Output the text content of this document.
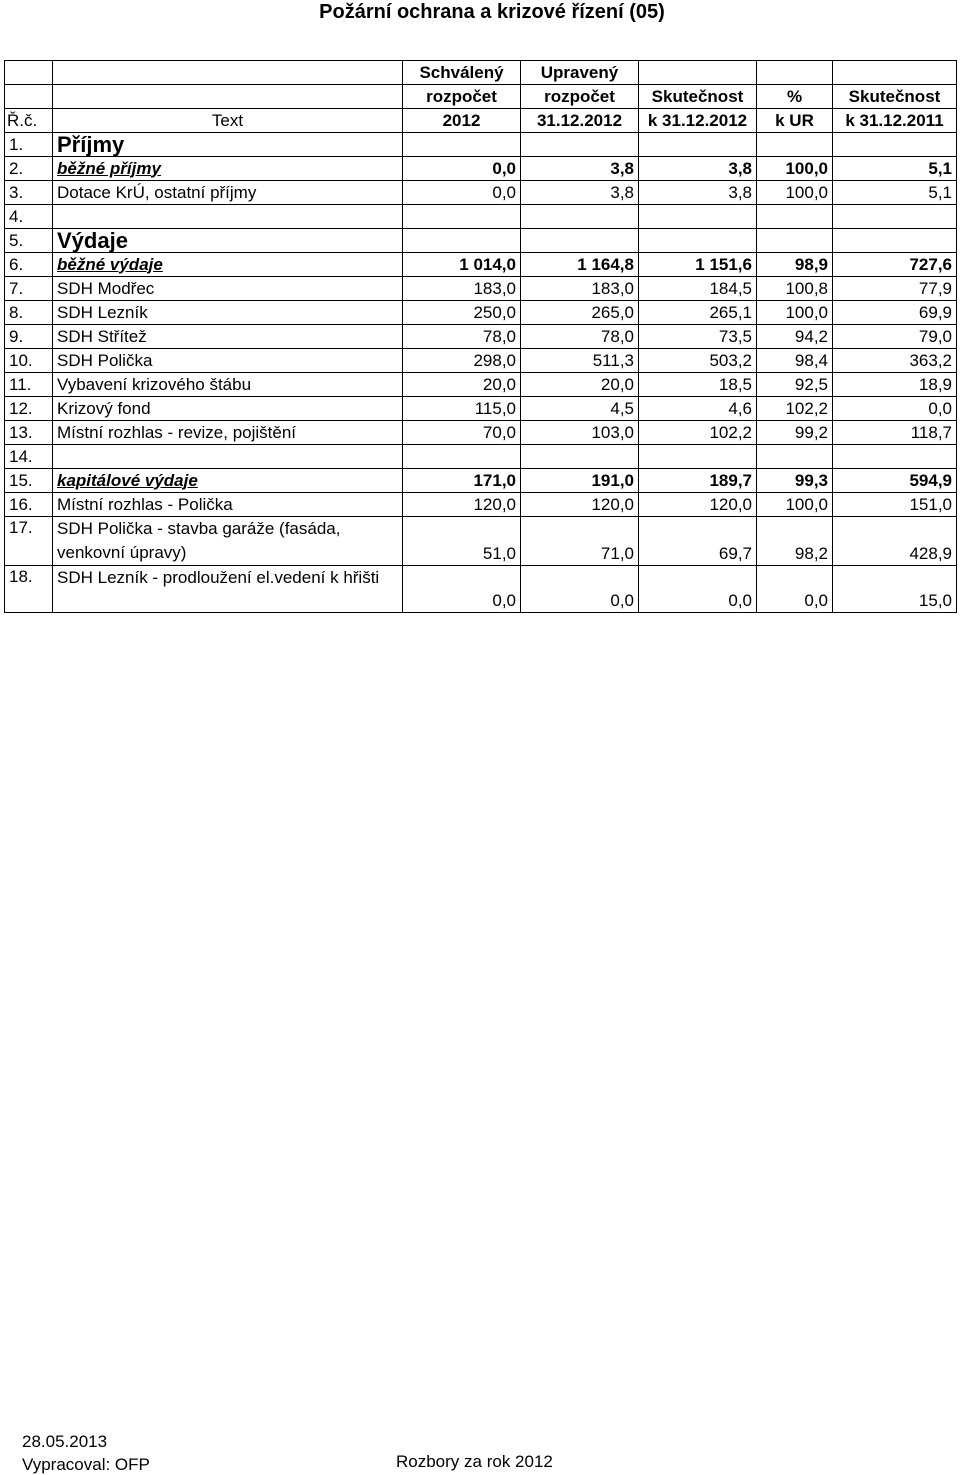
Požární ochrana a krizové řízení (05)
		Schválený	Upravený			
		rozpočet	rozpočet	Skutečnost	%	Skutečnost
Ř.č.	Text	2012	31.12.2012	k 31.12.2012	k UR	k 31.12.2011
1.	Příjmy					
2.	běžné příjmy	0,0	3,8	3,8	100,0	5,1
3.	Dotace KrÚ, ostatní příjmy	0,0	3,8	3,8	100,0	5,1
4.						
5.	Výdaje					
6.	běžné výdaje	1 014,0	1 164,8	1 151,6	98,9	727,6
7.	SDH Modřec	183,0	183,0	184,5	100,8	77,9
8.	SDH Lezník	250,0	265,0	265,1	100,0	69,9
9.	SDH Střítež	78,0	78,0	73,5	94,2	79,0
10.	SDH Polička	298,0	511,3	503,2	98,4	363,2
11.	Vybavení krizového štábu	20,0	20,0	18,5	92,5	18,9
12.	Krizový fond	115,0	4,5	4,6	102,2	0,0
13.	Místní rozhlas - revize, pojištění	70,0	103,0	102,2	99,2	118,7
14.						
15.	kapitálové výdaje	171,0	191,0	189,7	99,3	594,9
16.	Místní rozhlas - Polička	120,0	120,0	120,0	100,0	151,0
17.	SDH Polička - stavba garáže (fasáda, venkovní úpravy)	51,0	71,0	69,7	98,2	428,9
18.	SDH Lezník - prodloužení el.vedení k hřišti	0,0	0,0	0,0	0,0	15,0
28.05.2013
Vypracoval: OFP	Rozbory za rok 2012
